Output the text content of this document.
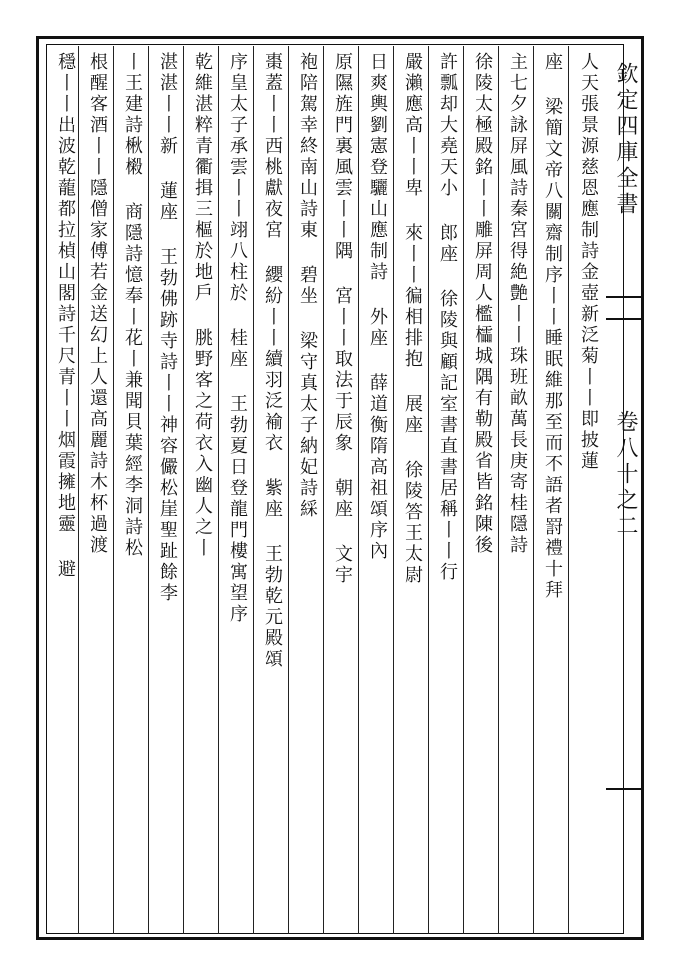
欽定四庫全書
卷八十之二
人天張景源慈恩應制詩金壺新泛菊丨丨即披蓮
座 梁簡文帝八關齋制序丨丨睡眠維那至而不語者罸禮十拜
主七夕詠屏風詩秦宮得絶艶丨丨珠班畝萬長庚寄桂隱詩
徐陵太極殿銘丨丨雕屏周人檻櫺城隅有勒殿省皆銘陳後
許瓢却大堯天小 郎座 徐陵與顧記室書直書居稱丨丨行
嚴瀨應高丨丨卑 來丨丨徧相排抱 展座 徐陵答王太尉
日爽輿劉憲登驪山應制詩 外座 薛道衡隋高祖頌序內
原隰旌門裏風雲丨丨隅 宮丨丨取法于辰象 朝座 文宇
袍陪駕幸終南山詩東 碧坐 梁守真太子納妃詩綵
棗蓋丨丨西桃獻夜宮 纓紛丨丨續羽泛褕衣 紫座 王勃乾元殿頌
序皇太子承雲丨丨翊八柱於 桂座 王勃夏日登龍門樓寓望序
乾維湛粹青衢揖三樞於地戶 朓野客之荷衣入幽人之丨
湛湛丨丨新 蓮座 王勃佛跡寺詩丨丨神容儼松崖聖趾餘李
丨王建詩楸樧 商隱詩憶奉丨花丨兼聞貝葉經李洞詩松
根醒客酒丨丨隱僧家傅若金送幻上人還高麗詩木杯過渡
穩丨丨出波乾蘢都拉楨山閣詩千尺青丨丨烟霞擁地靈 避
